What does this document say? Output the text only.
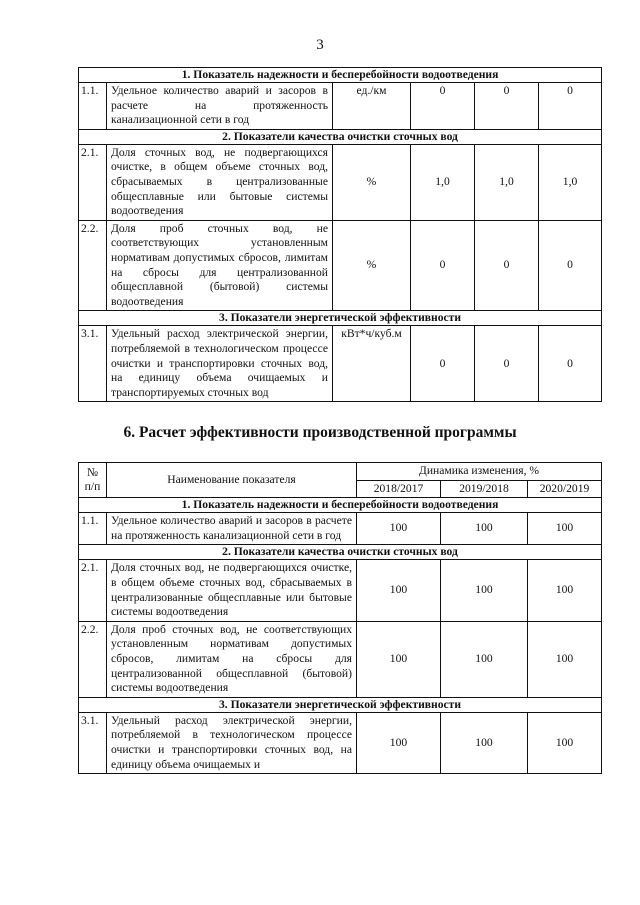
3
1. Показатель надежности и бесперебойности водоотведения					
1.1.	Удельное количество аварий и засоров в расчете на протяженность канализационной сети в год	ед./км	0	0	0
2. Показатели качества очистки сточных вод					
2.1.	Доля сточных вод, не подвергающихся очистке, в общем объеме сточных вод, сбрасываемых в централизованные общесплавные или бытовые системы водоотведения	%	1,0	1,0	1,0
2.2.	Доля проб сточных вод, не соответствующих установленным нормативам допустимых сбросов, лимитам на сбросы для централизованной общесплавной (бытовой) системы водоотведения	%	0	0	0
3. Показатели энергетической эффективности					
3.1.	Удельный расход электрической энергии, потребляемой в технологическом процессе очистки и транспортировки сточных вод, на единицу объема очищаемых и транспортируемых сточных вод	кВт*ч/куб.м	0	0	0
6. Расчет эффективности производственной программы
№ п/п	Наименование показателя	Динамика изменения, %		
		2018/2017	2019/2018	2020/2019
1. Показатель надежности и бесперебойности водоотведения				
1.1.	Удельное количество аварий и засоров в расчете на протяженность канализационной сети в год	100	100	100
2. Показатели качества очистки сточных вод				
2.1.	Доля сточных вод, не подвергающихся очистке, в общем объеме сточных вод, сбрасываемых в централизованные общесплавные или бытовые системы водоотведения	100	100	100
2.2.	Доля проб сточных вод, не соответствующих установленным нормативам допустимых сбросов, лимитам на сбросы для централизованной общесплавной (бытовой) системы водоотведения	100	100	100
3. Показатели энергетической эффективности				
3.1.	Удельный расход электрической энергии, потребляемой в технологическом процессе очистки и транспортировки сточных вод, на единицу объема очищаемых и	100	100	100
